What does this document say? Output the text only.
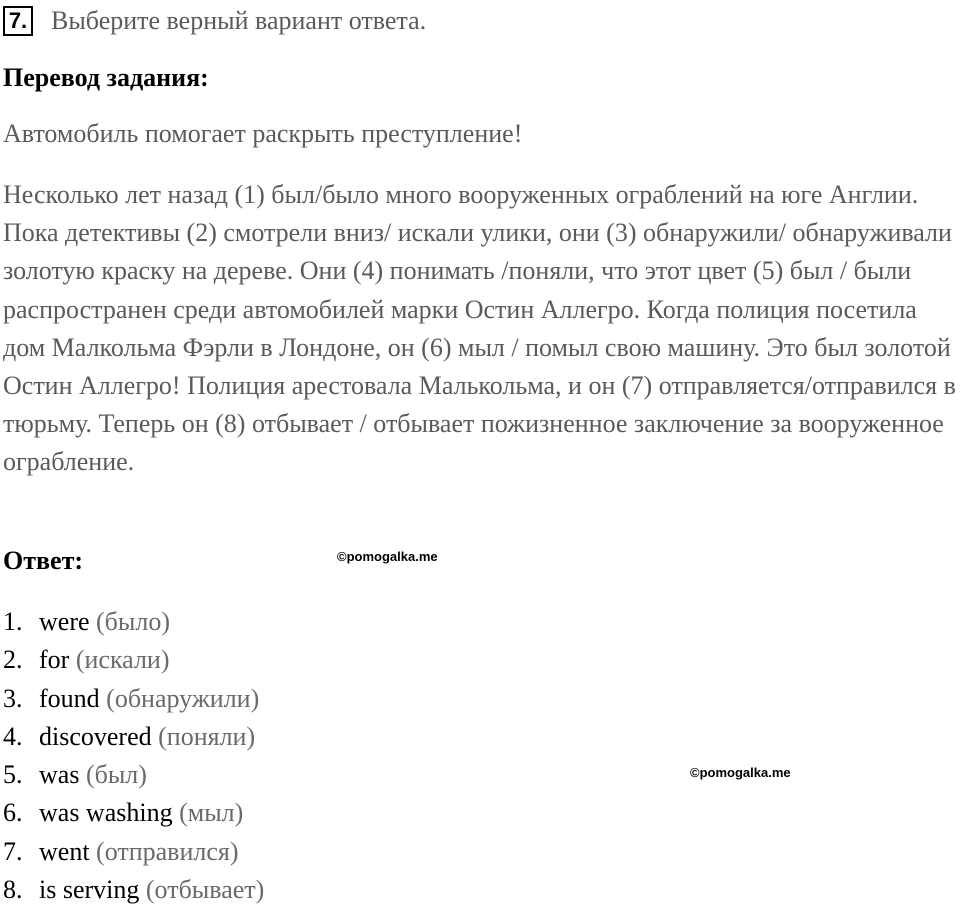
7. Выберите верный вариант ответа.

Перевод задания:

Автомобиль помогает раскрыть преступление!

Несколько лет назад (1) был/было много вооруженных ограблений на юге Англии. Пока детективы (2) смотрели вниз/ искали улики, они (3) обнаружили/ обнаруживали золотую краску на дереве. Они (4) понимать /поняли, что этот цвет (5) был / были распространен среди автомобилей марки Остин Аллегро. Когда полиция посетила дом Малкольма Фэрли в Лондоне, он (6) мыл / помыл свою машину. Это был золотой Остин Аллегро! Полиция арестовала Малькольма, и он (7) отправляется/отправился в тюрьму. Теперь он (8) отбывает / отбывает пожизненное заключение за вооруженное ограбление.

Ответ:	©pomogalka.me
©pomogalka.me
1. were (было)
2. for (искали)
3. found (обнаружили)
4. discovered (поняли)
5. was (был)
6. was washing (мыл)
7. went (отправился)
8. is serving (отбывает)
